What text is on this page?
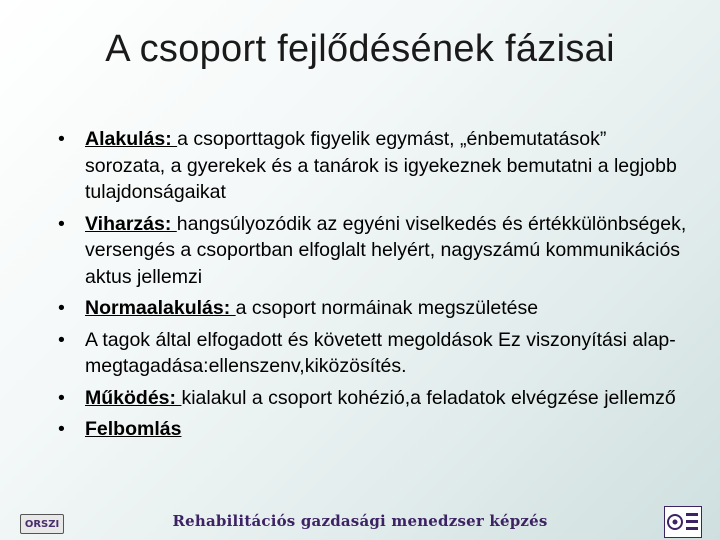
A csoport fejlődésének fázisai
• Alakulás: a csoporttagok figyelik egymást, „énbemutatások” sorozata, a gyerekek és a tanárok is igyekeznek bemutatni a legjobb tulajdonságaikat
• Viharzás: hangsúlyozódik az egyéni viselkedés és értékkülönbségek, versengés a csoportban elfoglalt helyért, nagyszámú kommunikációs aktus jellemzi
• Normaalakulás: a csoport normáinak megszületése
• A tagok által elfogadott és követett megoldások Ez viszonyítási alap-megtagadása:ellenszenv,kiközösítés.
• Működés: kialakul a csoport kohézió,a feladatok elvégzése jellemző
• Felbomlás
ORSZI	Rehabilitációs gazdasági menedzser képzés
